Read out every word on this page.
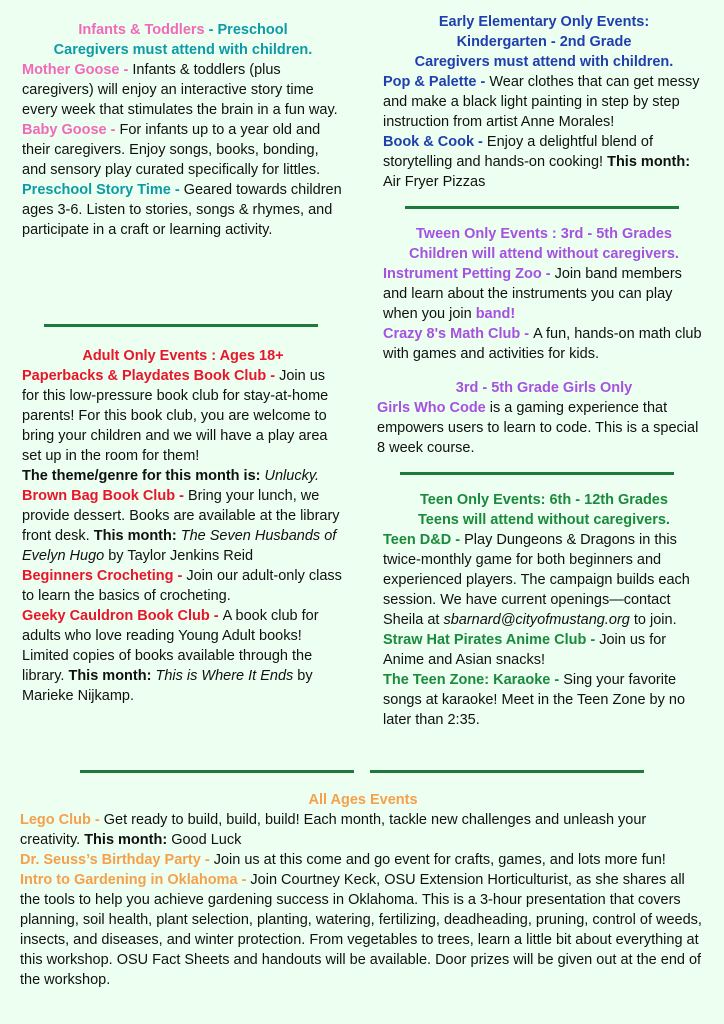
Infants & Toddlers - Preschool

Caregivers must attend with children.

Mother Goose - Infants & toddlers (plus caregivers) will enjoy an interactive story time every week that stimulates the brain in a fun way.

Baby Goose - For infants up to a year old and their caregivers. Enjoy songs, books, bonding, and sensory play curated specifically for littles.

Preschool Story Time - Geared towards children ages 3-6. Listen to stories, songs & rhymes, and participate in a craft or learning activity.

Adult Only Events : Ages 18+

Paperbacks & Playdates Book Club - Join us for this low-pressure book club for stay-at-home parents! For this book club, you are welcome to bring your children and we will have a play area set up in the room for them!

The theme/genre for this month is: Unlucky.

Brown Bag Book Club - Bring your lunch, we provide dessert. Books are available at the library front desk. This month: The Seven Husbands of Evelyn Hugo by Taylor Jenkins Reid

Beginners Crocheting - Join our adult-only class to learn the basics of crocheting.

Geeky Cauldron Book Club - A book club for adults who love reading Young Adult books! Limited copies of books available through the library. This month: This is Where It Ends by Marieke Nijkamp.

Early Elementary Only Events:

Kindergarten - 2nd Grade

Caregivers must attend with children.

Pop & Palette - Wear clothes that can get messy and make a black light painting in step by step instruction from artist Anne Morales!

Book & Cook - Enjoy a delightful blend of storytelling and hands-on cooking! This month: Air Fryer Pizzas

Tween Only Events : 3rd - 5th Grades

Children will attend without caregivers.

Instrument Petting Zoo - Join band members and learn about the instruments you can play when you join band!

Crazy 8's Math Club - A fun, hands-on math club with games and activities for kids.

3rd - 5th Grade Girls Only

Girls Who Code is a gaming experience that empowers users to learn to code. This is a special 8 week course.

Teen Only Events: 6th - 12th Grades

Teens will attend without caregivers.

Teen D&D - Play Dungeons & Dragons in this twice-monthly game for both beginners and experienced players. The campaign builds each session. We have current openings—contact Sheila at sbarnard@cityofmustang.org to join.

Straw Hat Pirates Anime Club - Join us for Anime and Asian snacks!

The Teen Zone: Karaoke - Sing your favorite songs at karaoke! Meet in the Teen Zone by no later than 2:35.

All Ages Events

Lego Club - Get ready to build, build, build! Each month, tackle new challenges and unleash your creativity. This month: Good Luck

Dr. Seuss’s Birthday Party - Join us at this come and go event for crafts, games, and lots more fun!

Intro to Gardening in Oklahoma - Join Courtney Keck, OSU Extension Horticulturist, as she shares all the tools to help you achieve gardening success in Oklahoma. This is a 3-hour presentation that covers planning, soil health, plant selection, planting, watering, fertilizing, deadheading, pruning, control of weeds, insects, and diseases, and winter protection. From vegetables to trees, learn a little bit about everything at this workshop. OSU Fact Sheets and handouts will be available. Door prizes will be given out at the end of the workshop.
